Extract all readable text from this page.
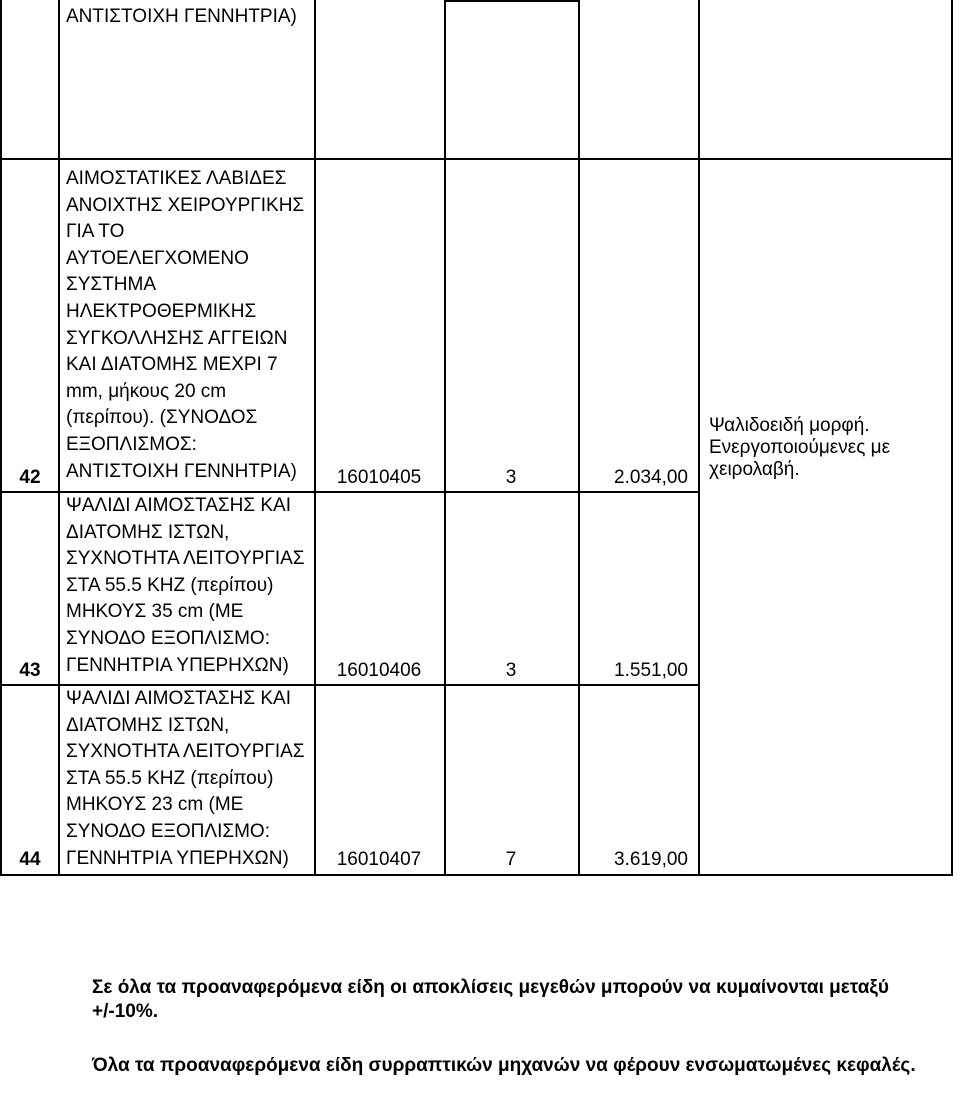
ΑΝΤΙΣΤΟΙΧΗ ΓΕΝΝΗΤΡΙΑ)
42
ΑΙΜΟΣΤΑΤΙΚΕΣ ΛΑΒΙΔΕΣ
ΑΝΟΙΧΤΗΣ ΧΕΙΡΟΥΡΓΙΚΗΣ
ΓΙΑ ΤΟ
ΑΥΤΟΕΛΕΓΧΟΜΕΝΟ
ΣΥΣΤΗΜΑ
ΗΛΕΚΤΡΟΘΕΡΜΙΚΗΣ
ΣΥΓΚΟΛΛΗΣΗΣ ΑΓΓΕΙΩΝ
ΚΑΙ ΔΙΑΤΟΜΗΣ ΜΕΧΡΙ 7
mm, μήκους 20 cm
(περίπου). (ΣΥΝΟΔΟΣ
ΕΞΟΠΛΙΣΜΟΣ:
ΑΝΤΙΣΤΟΙΧΗ ΓΕΝΝΗΤΡΙΑ)	16010405	3	2.034,00
Ψαλιδοειδή μορφή.
Ενεργοποιούμενες με
χειρολαβή.
43
ΨΑΛΙΔΙ ΑΙΜΟΣΤΑΣΗΣ ΚΑΙ
ΔΙΑΤΟΜΗΣ ΙΣΤΩΝ,
ΣΥΧΝΟΤΗΤΑ ΛΕΙΤΟΥΡΓΙΑΣ
ΣΤΑ 55.5 ΚΗΖ (περίπου)
ΜΗΚΟΥΣ 35 cm (ΜΕ
ΣΥΝΟΔΟ ΕΞΟΠΛΙΣΜΟ:
ΓΕΝΝΗΤΡΙΑ ΥΠΕΡΗΧΩΝ)	16010406	3	1.551,00
44
ΨΑΛΙΔΙ ΑΙΜΟΣΤΑΣΗΣ ΚΑΙ
ΔΙΑΤΟΜΗΣ ΙΣΤΩΝ,
ΣΥΧΝΟΤΗΤΑ ΛΕΙΤΟΥΡΓΙΑΣ
ΣΤΑ 55.5 ΚΗΖ (περίπου)
ΜΗΚΟΥΣ 23 cm (ΜΕ
ΣΥΝΟΔΟ ΕΞΟΠΛΙΣΜΟ:
ΓΕΝΝΗΤΡΙΑ ΥΠΕΡΗΧΩΝ)	16010407	7	3.619,00
Σε όλα τα προαναφερόμενα είδη οι αποκλίσεις μεγεθών μπορούν να κυμαίνονται μεταξύ +/-10%.
Όλα τα προαναφερόμενα είδη συρραπτικών μηχανών να φέρουν ενσωματωμένες κεφαλές.
